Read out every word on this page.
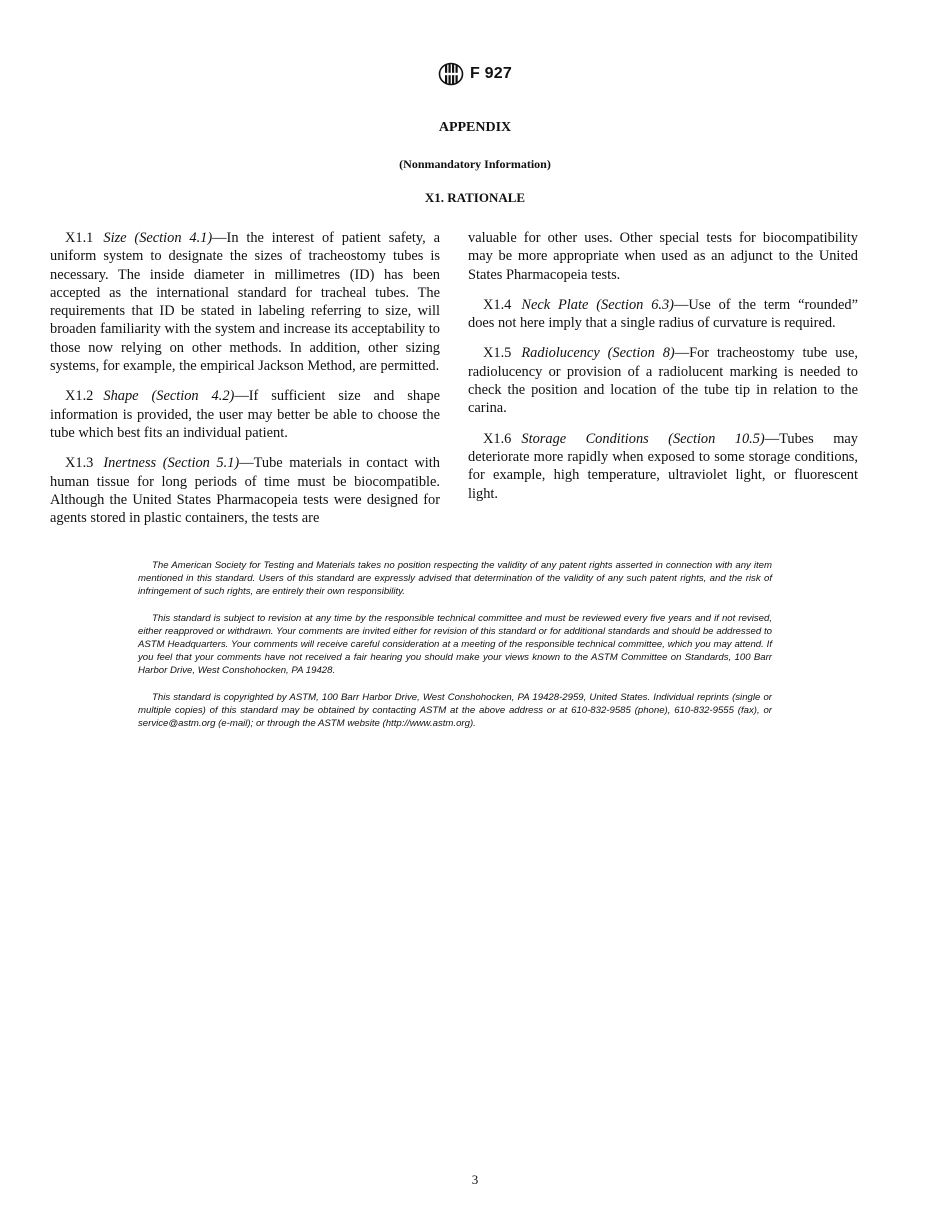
F 927
APPENDIX
(Nonmandatory Information)
X1. RATIONALE

X1.1 Size (Section 4.1)—In the interest of patient safety, a uniform system to designate the sizes of tracheostomy tubes is necessary. The inside diameter in millimetres (ID) has been accepted as the international standard for tracheal tubes. The requirements that ID be stated in labeling referring to size, will broaden familiarity with the system and increase its acceptability to those now relying on other methods. In addition, other sizing systems, for example, the empirical Jackson Method, are permitted.

X1.2 Shape (Section 4.2)—If sufficient size and shape information is provided, the user may better be able to choose the tube which best fits an individual patient.

X1.3 Inertness (Section 5.1)—Tube materials in contact with human tissue for long periods of time must be biocompatible. Although the United States Pharmacopeia tests were designed for agents stored in plastic containers, the tests are

valuable for other uses. Other special tests for biocompatibility may be more appropriate when used as an adjunct to the United States Pharmacopeia tests.

X1.4 Neck Plate (Section 6.3)—Use of the term “rounded” does not here imply that a single radius of curvature is required.

X1.5 Radiolucency (Section 8)—For tracheostomy tube use, radiolucency or provision of a radiolucent marking is needed to check the position and location of the tube tip in relation to the carina.

X1.6 Storage Conditions (Section 10.5)—Tubes may deteriorate more rapidly when exposed to some storage conditions, for example, high temperature, ultraviolet light, or fluorescent light.

The American Society for Testing and Materials takes no position respecting the validity of any patent rights asserted in connection with any item mentioned in this standard. Users of this standard are expressly advised that determination of the validity of any such patent rights, and the risk of infringement of such rights, are entirely their own responsibility.

This standard is subject to revision at any time by the responsible technical committee and must be reviewed every five years and if not revised, either reapproved or withdrawn. Your comments are invited either for revision of this standard or for additional standards and should be addressed to ASTM Headquarters. Your comments will receive careful consideration at a meeting of the responsible technical committee, which you may attend. If you feel that your comments have not received a fair hearing you should make your views known to the ASTM Committee on Standards, 100 Barr Harbor Drive, West Conshohocken, PA 19428.

This standard is copyrighted by ASTM, 100 Barr Harbor Drive, West Conshohocken, PA 19428-2959, United States. Individual reprints (single or multiple copies) of this standard may be obtained by contacting ASTM at the above address or at 610-832-9585 (phone), 610-832-9555 (fax), or service@astm.org (e-mail); or through the ASTM website (http://www.astm.org).

3
